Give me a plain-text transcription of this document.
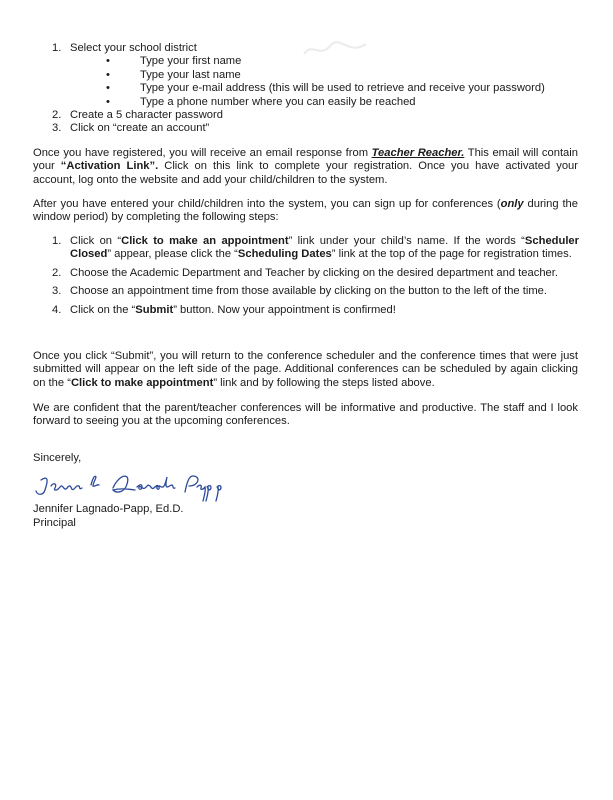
1. Select your school district
• Type your first name
• Type your last name
• Type your e-mail address (this will be used to retrieve and receive your password)
• Type a phone number where you can easily be reached
2. Create a 5 character password
3. Click on “create an account”

Once you have registered, you will receive an email response from Teacher Reacher. This email will contain your “Activation Link”. Click on this link to complete your registration. Once you have activated your account, log onto the website and add your child/children to the system.

After you have entered your child/children into the system, you can sign up for conferences (only during the window period) by completing the following steps:

1. Click on “Click to make an appointment” link under your child’s name. If the words “Scheduler Closed” appear, please click the “Scheduling Dates” link at the top of the page for registration times.
2. Choose the Academic Department and Teacher by clicking on the desired department and teacher.
3. Choose an appointment time from those available by clicking on the button to the left of the time.
4. Click on the “Submit” button. Now your appointment is confirmed!

Once you click “Submit”, you will return to the conference scheduler and the conference times that were just submitted will appear on the left side of the page. Additional conferences can be scheduled by again clicking on the “Click to make appointment” link and by following the steps listed above.

We are confident that the parent/teacher conferences will be informative and productive. The staff and I look forward to seeing you at the upcoming conferences.

Sincerely,

Jennifer Lagnado-Papp, Ed.D.

Principal
